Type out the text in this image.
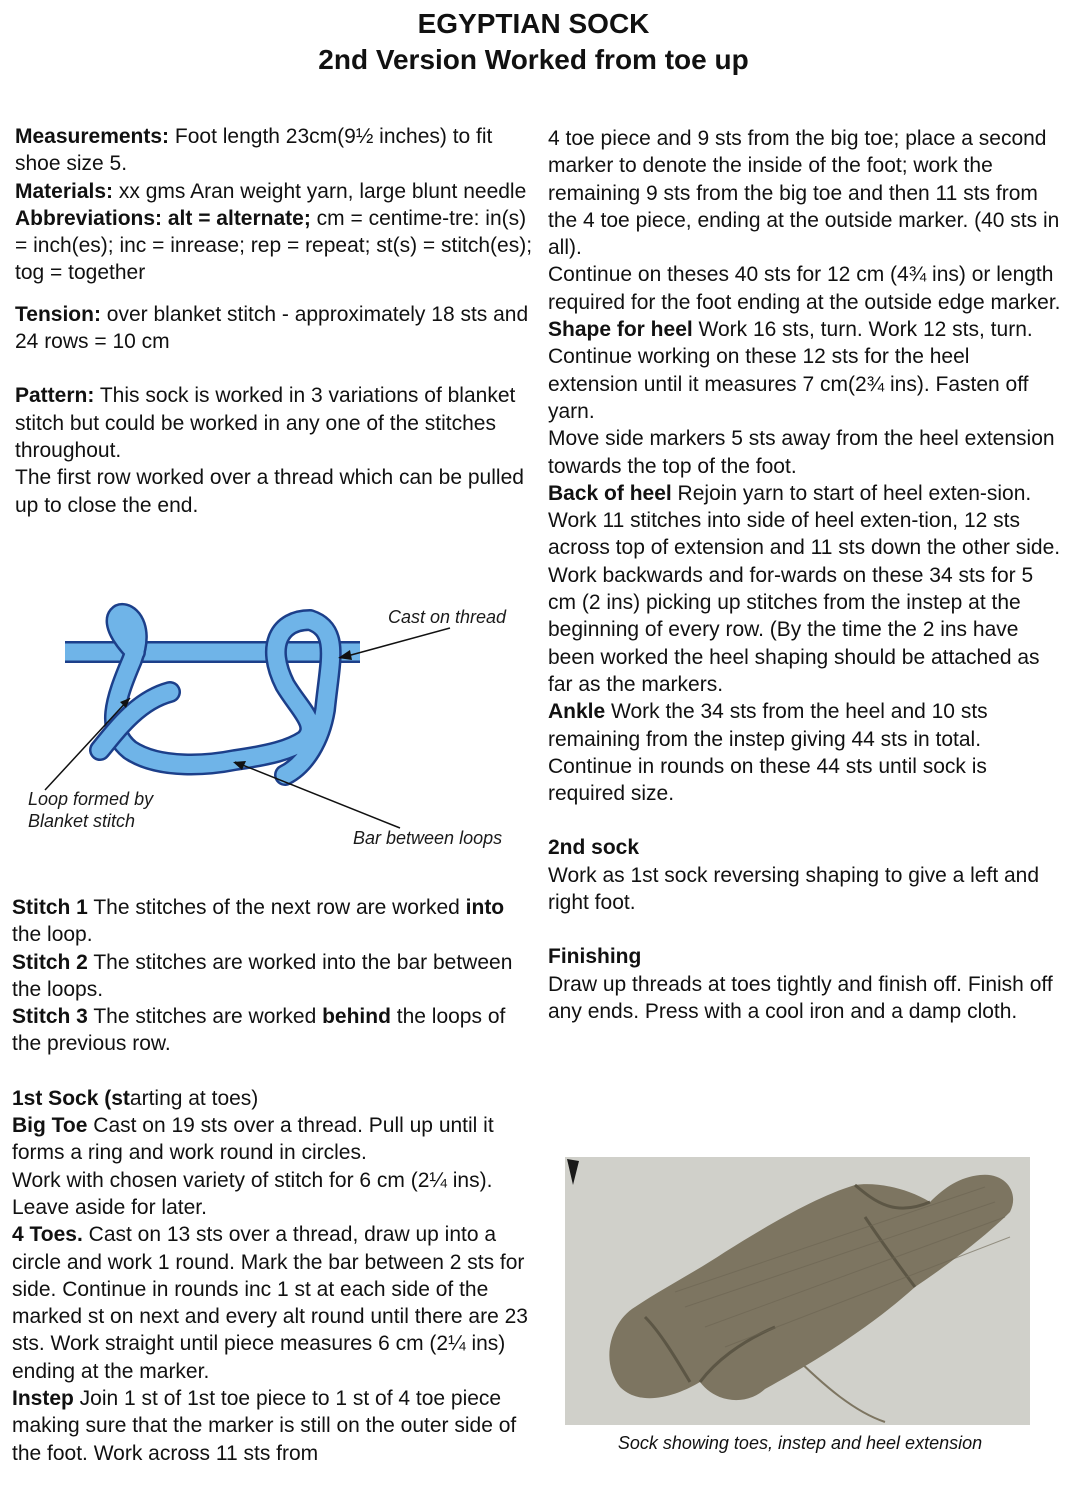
EGYPTIAN SOCK
2nd Version Worked from toe up

Measurements: Foot length 23cm(9½ inches) to fit shoe size 5.

Materials: xx gms Aran weight yarn, large blunt needle

Abbreviations: alt = alternate; cm = centime-tre: in(s) = inch(es); inc = inrease; rep = repeat; st(s) = stitch(es); tog = together

Tension: over blanket stitch - approximately 18 sts and 24 rows = 10 cm

Pattern: This sock is worked in 3 variations of blanket stitch but could be worked in any one of the stitches throughout.

The first row worked over a thread which can be pulled up to close the end.

Cast on thread
Loop formed by
Blanket stitch
Bar between loops

Stitch 1 The stitches of the next row are worked into the loop.

Stitch 2 The stitches are worked into the bar between the loops.

Stitch 3 The stitches are worked behind the loops of the previous row.

1st Sock (starting at toes)

Big Toe Cast on 19 sts over a thread. Pull up until it forms a ring and work round in circles.

Work with chosen variety of stitch for 6 cm (2¼ ins). Leave aside for later.

4 Toes. Cast on 13 sts over a thread, draw up into a circle and work 1 round. Mark the bar between 2 sts for side. Continue in rounds inc 1 st at each side of the marked st on next and every alt round until there are 23 sts. Work straight until piece measures 6 cm (2¼ ins) ending at the marker.

Instep Join 1 st of 1st toe piece to 1 st of 4 toe piece making sure that the marker is still on the outer side of the foot. Work across 11 sts from

4 toe piece and 9 sts from the big toe; place a second marker to denote the inside of the foot; work the remaining 9 sts from the big toe and then 11 sts from the 4 toe piece, ending at the outside marker. (40 sts in all).

Continue on theses 40 sts for 12 cm (4¾ ins) or length required for the foot ending at the outside edge marker.

Shape for heel Work 16 sts, turn. Work 12 sts, turn. Continue working on these 12 sts for the heel extension until it measures 7 cm(2¾ ins). Fasten off yarn.

Move side markers 5 sts away from the heel extension towards the top of the foot.

Back of heel Rejoin yarn to start of heel exten-sion. Work 11 stitches into side of heel exten-tion, 12 sts across top of extension and 11 sts down the other side. Work backwards and for-wards on these 34 sts for 5 cm (2 ins) picking up stitches from the instep at the beginning of every row. (By the time the 2 ins have been worked the heel shaping should be attached as far as the markers.

Ankle Work the 34 sts from the heel and 10 sts remaining from the instep giving 44 sts in total. Continue in rounds on these 44 sts until sock is required size.

2nd sock

Work as 1st sock reversing shaping to give a left and right foot.

Finishing

Draw up threads at toes tightly and finish off. Finish off any ends. Press with a cool iron and a damp cloth.

Sock showing toes, instep and heel extension
